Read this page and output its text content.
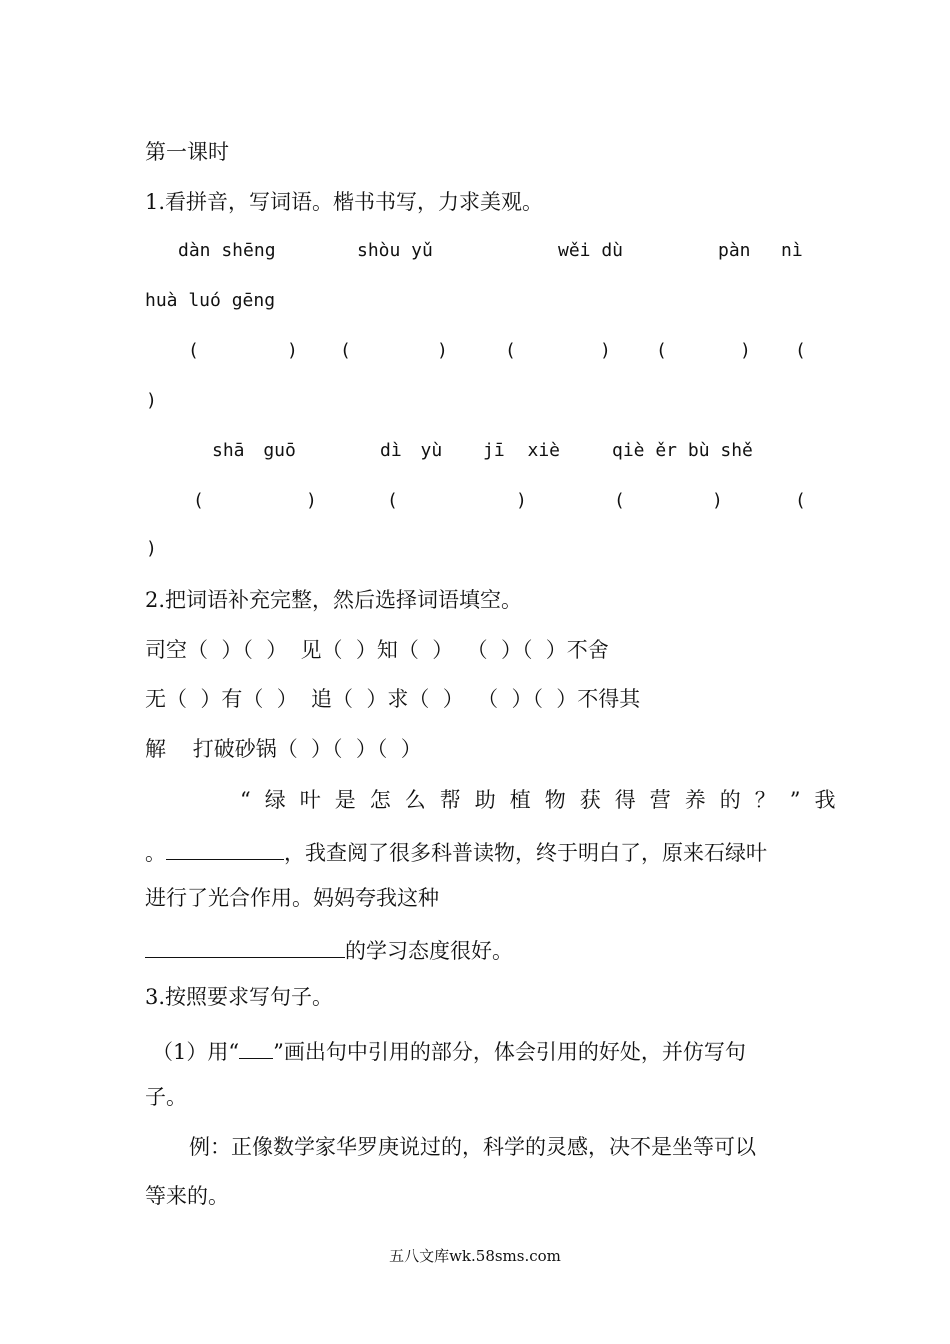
第一课时
1.看拼音，写词语。楷书书写，力求美观。
dàn shēng	shòu yǔ	wěi dù	pàn nì
huà luó gēng
(	) (	)	(	)	(	) (
)
shā guō	dì yù jī xiè	qiè ěr bù shě
(	)	(	)	(	)	(
)
2.把词语补充完整，然后选择词语填空。
司空（  ）（  ）  见（  ）知（  ）  （  ）（  ）不舍
无（  ）有（  ）  追（  ）求（  ）  （  ）（  ）不得其
解    打破砂锅（  ）（  ）（  ）
“绿叶是怎么帮助植物获得营养的？”我
。	，我查阅了很多科普读物，终于明白了，原来石绿叶
进行了光合作用。妈妈夸我这种
的学习态度很好。
3.按照要求写句子。
（1）用“ ”画出句中引用的部分，体会引用的好处，并仿写句
子。
例：正像数学家华罗庚说过的，科学的灵感，决不是坐等可以
等来的。
五八文库wk.58sms.com
